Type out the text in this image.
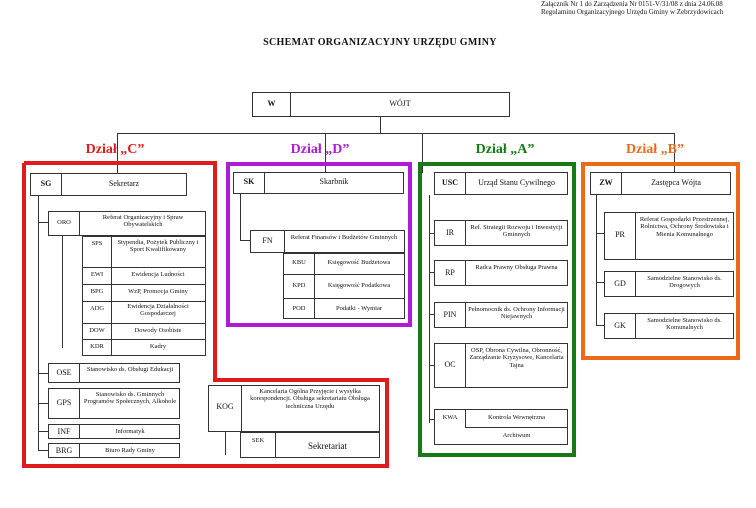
Załącznik Nr 1 do Zarządzenia Nr 0151-V/31/08 z dnia 24.06.08
Regulaminu Organizacyjnego Urzędu Gminy w Zebrzydowicach
SCHEMAT ORGANIZACYJNY URZĘDU GMINY
W	WÓJT
Dział „C”	Dział „D”	Dział „A”	Dział „B”
SG	Sekretarz
ORO
Referat Organizacyjny i Spraw Obywatelskich
SPS	Stypendia, Pożytek Publiczny i Sport Kwalifikowany
EWI	Ewidencja Ludności
BPG	WzP, Promocja Gminy
ADG	Ewidencja Działalności Gospodarczej
DOW	Dowody Osobiste
KDR	Kadry
OSE	Stanowisko ds. Obsługi Edukacji
GPS
Stanowisko ds. Gminnych Programów Społecznych, Alkohole
INF	Informatyk
BRG	Biuro Rady Gminy
KOG
Kancelaria Ogólna Przyjęcie i wysyłka korespondencji. Obsługa sekretariatu Obsługa techniczna Urzędu
SEK
Sekretariat
SK	Skarbnik
FN	Referat Finansów i Budżetów Gminnych
KBU	Księgowość Budżetowa
KPD	Księgowość Podatkowa
POD	Podatki - Wymiar
USC	Urząd Stanu Cywilnego
IR
Ref. Strategii Rozwoju i Inwestycji Gminnych
RP
Radca Prawny Obsługa Prawna
PIN
Pełnomocnik ds. Ochrony Informacji Niejawnych
OC
OSP, Obrona Cywilna, Obronność, Zarządzanie Kryzysowe, Kancelaria Tajna
KWA	Kontrola Wewnętrzna
Archiwum
ZW	Zastępca Wójta
PR
Referat Gospodarki Przestrzennej, Rolnictwa, Ochrony Środowiska i Mienia Komunalnego
GD
Samodzielne Stanowisko ds. Drogowych
GK
Samodzielne Stanowisko ds. Komunalnych
